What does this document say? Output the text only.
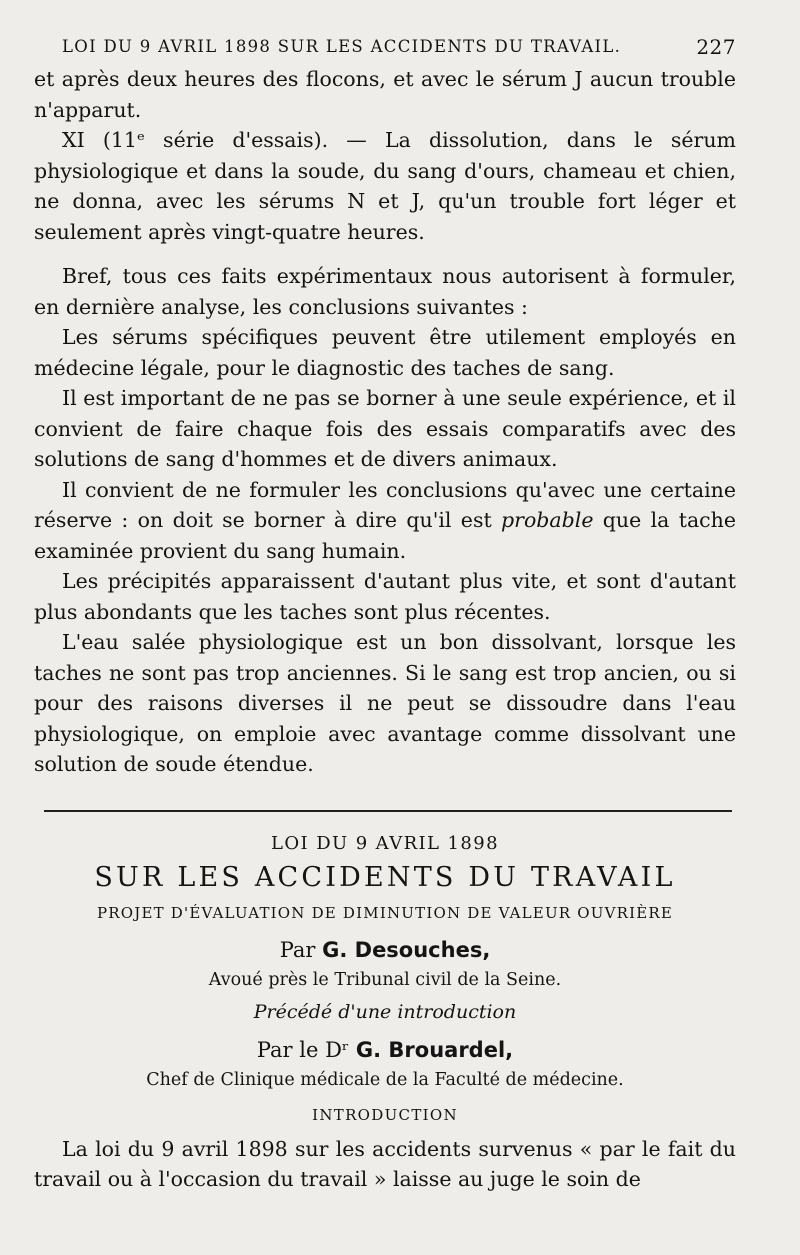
LOI DU 9 AVRIL 1898 SUR LES ACCIDENTS DU TRAVAIL.	227

et après deux heures des flocons, et avec le sérum J aucun trouble n'apparut.

XI (11ᵉ série d'essais). — La dissolution, dans le sérum physiologique et dans la soude, du sang d'ours, chameau et chien, ne donna, avec les sérums N et J, qu'un trouble fort léger et seulement après vingt-quatre heures.

Bref, tous ces faits expérimentaux nous autorisent à formuler, en dernière analyse, les conclusions suivantes :

Les sérums spécifiques peuvent être utilement employés en médecine légale, pour le diagnostic des taches de sang.

Il est important de ne pas se borner à une seule expérience, et il convient de faire chaque fois des essais comparatifs avec des solutions de sang d'hommes et de divers animaux.

Il convient de ne formuler les conclusions qu'avec une certaine réserve : on doit se borner à dire qu'il est probable que la tache examinée provient du sang humain.

Les précipités apparaissent d'autant plus vite, et sont d'autant plus abondants que les taches sont plus récentes.

L'eau salée physiologique est un bon dissolvant, lorsque les taches ne sont pas trop anciennes. Si le sang est trop ancien, ou si pour des raisons diverses il ne peut se dissoudre dans l'eau physiologique, on emploie avec avantage comme dissolvant une solution de soude étendue.

LOI DU 9 AVRIL 1898
SUR LES ACCIDENTS DU TRAVAIL
PROJET D'ÉVALUATION DE DIMINUTION DE VALEUR OUVRIÈRE
Par G. Desouches,
Avoué près le Tribunal civil de la Seine.
Précédé d'une introduction
Par le Dʳ G. Brouardel,
Chef de Clinique médicale de la Faculté de médecine.
INTRODUCTION

La loi du 9 avril 1898 sur les accidents survenus « par le fait du travail ou à l'occasion du travail » laisse au juge le soin de
